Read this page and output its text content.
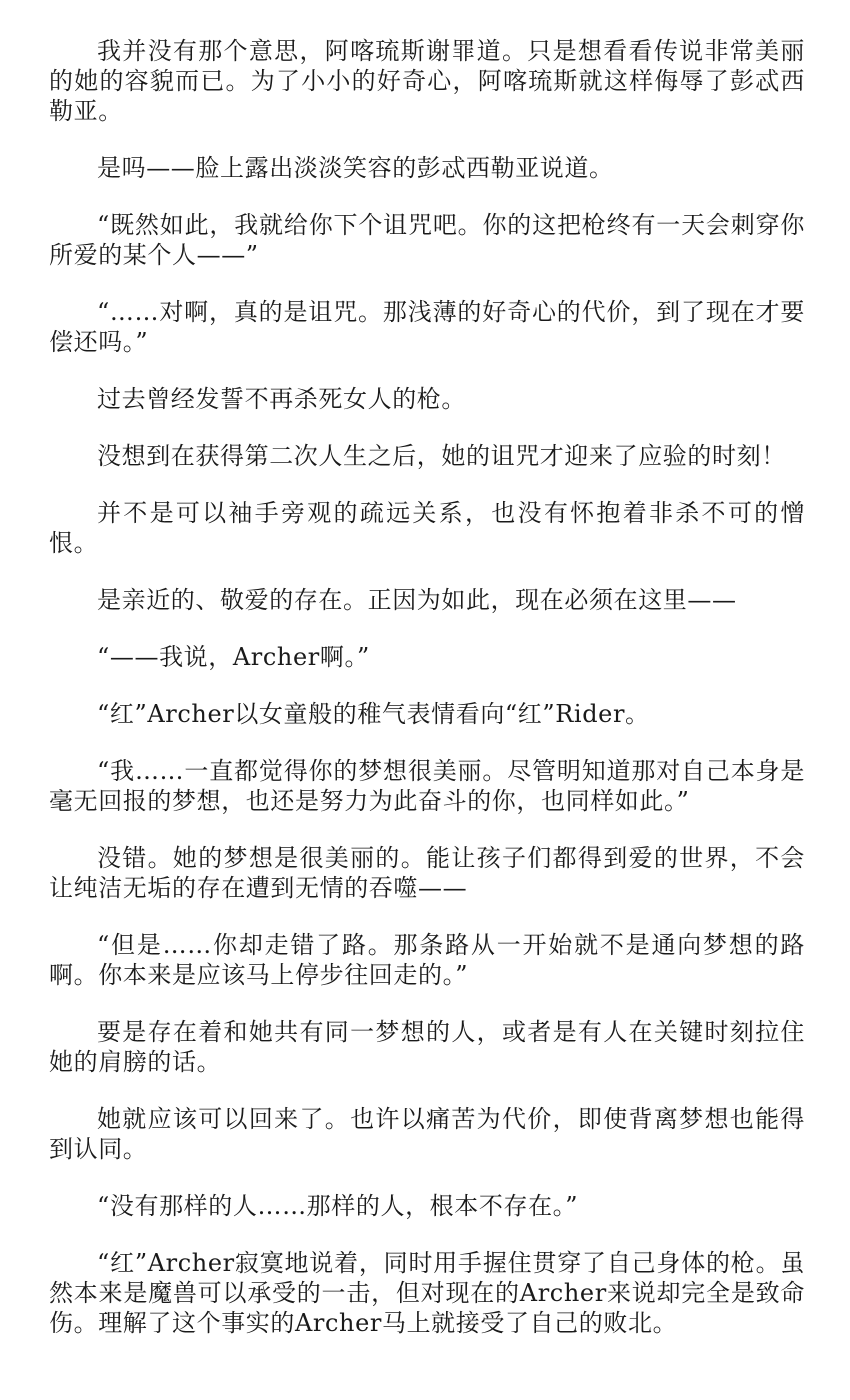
我并没有那个意思，阿喀琉斯谢罪道。只是想看看传说非常美丽的她的容貌而已。为了小小的好奇心，阿喀琉斯就这样侮辱了彭忒西勒亚。

是吗——脸上露出淡淡笑容的彭忒西勒亚说道。

“既然如此，我就给你下个诅咒吧。你的这把枪终有一天会刺穿你所爱的某个人——”

“……对啊，真的是诅咒。那浅薄的好奇心的代价，到了现在才要偿还吗。”

过去曾经发誓不再杀死女人的枪。

没想到在获得第二次人生之后，她的诅咒才迎来了应验的时刻！

并不是可以袖手旁观的疏远关系，也没有怀抱着非杀不可的憎恨。

是亲近的、敬爱的存在。正因为如此，现在必须在这里——

“——我说，Archer啊。”

“红”Archer以女童般的稚气表情看向“红”Rider。

“我……一直都觉得你的梦想很美丽。尽管明知道那对自己本身是毫无回报的梦想，也还是努力为此奋斗的你，也同样如此。”

没错。她的梦想是很美丽的。能让孩子们都得到爱的世界，不会让纯洁无垢的存在遭到无情的吞噬——

“但是……你却走错了路。那条路从一开始就不是通向梦想的路啊。你本来是应该马上停步往回走的。”

要是存在着和她共有同一梦想的人，或者是有人在关键时刻拉住她的肩膀的话。

她就应该可以回来了。也许以痛苦为代价，即使背离梦想也能得到认同。

“没有那样的人……那样的人，根本不存在。”

“红”Archer寂寞地说着，同时用手握住贯穿了自己身体的枪。虽然本来是魔兽可以承受的一击，但对现在的Archer来说却完全是致命伤。理解了这个事实的Archer马上就接受了自己的败北。
